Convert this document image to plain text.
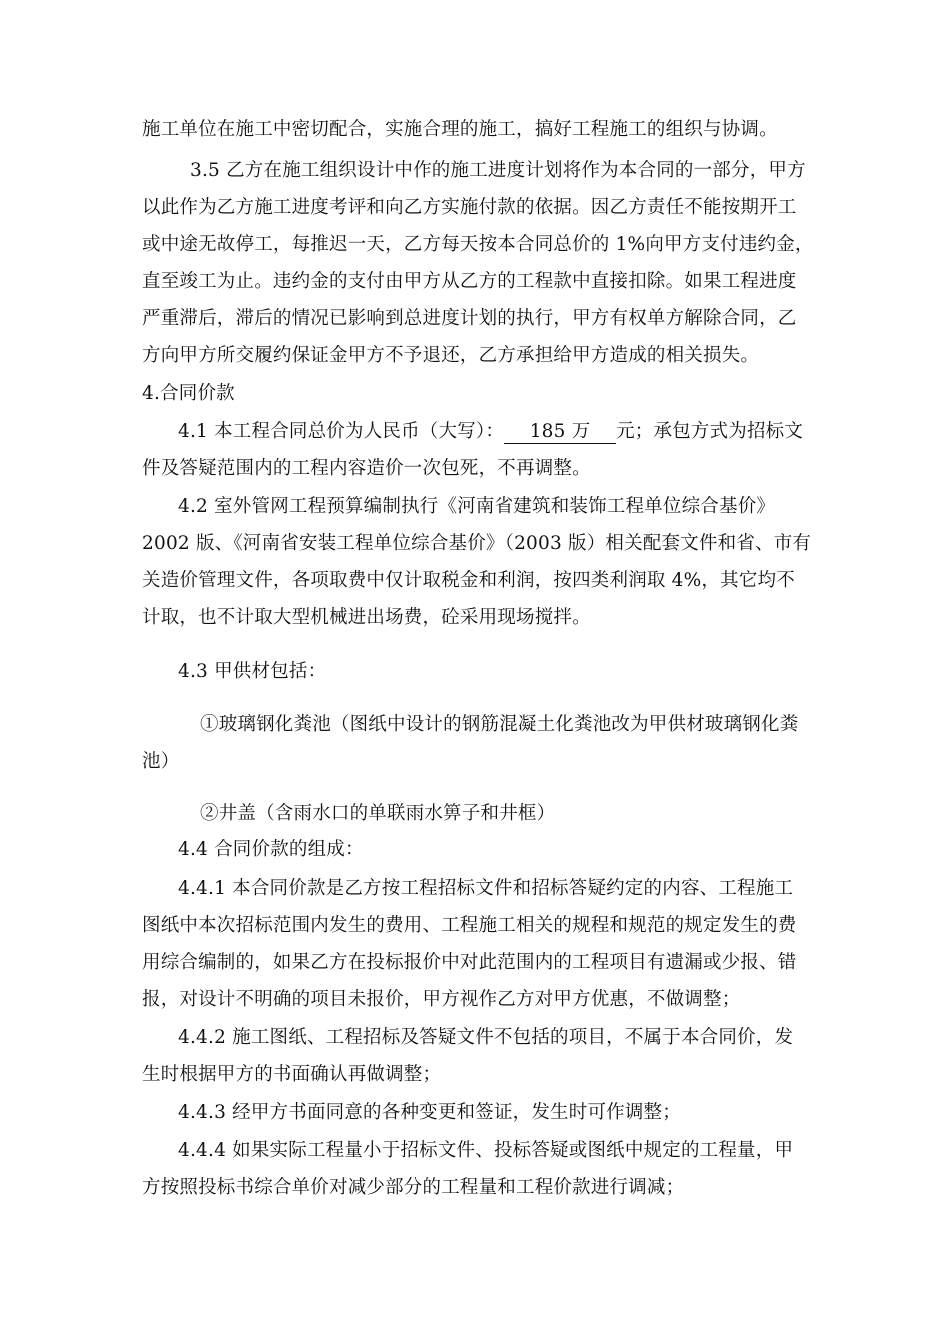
施工单位在施工中密切配合，实施合理的施工，搞好工程施工的组织与协调。
3.5 乙方在施工组织设计中作的施工进度计划将作为本合同的一部分，甲方
以此作为乙方施工进度考评和向乙方实施付款的依据。因乙方责任不能按期开工
或中途无故停工，每推迟一天，乙方每天按本合同总价的 1%向甲方支付违约金，
直至竣工为止。违约金的支付由甲方从乙方的工程款中直接扣除。如果工程进度
严重滞后，滞后的情况已影响到总进度计划的执行，甲方有权单方解除合同，乙
方向甲方所交履约保证金甲方不予退还，乙方承担给甲方造成的相关损失。
4.合同价款
4.1 本工程合同总价为人民币（大写）： 185 万 元；承包方式为招标文
件及答疑范围内的工程内容造价一次包死，不再调整。
4.2 室外管网工程预算编制执行《河南省建筑和装饰工程单位综合基价》
2002 版、《河南省安装工程单位综合基价》（2003 版）相关配套文件和省、市有
关造价管理文件，各项取费中仅计取税金和利润，按四类利润取 4%，其它均不
计取，也不计取大型机械进出场费，砼采用现场搅拌。
4.3 甲供材包括：
①玻璃钢化粪池（图纸中设计的钢筋混凝土化粪池改为甲供材玻璃钢化粪
池）
②井盖（含雨水口的单联雨水箅子和井框）
4.4 合同价款的组成：
4.4.1 本合同价款是乙方按工程招标文件和招标答疑约定的内容、工程施工
图纸中本次招标范围内发生的费用、工程施工相关的规程和规范的规定发生的费
用综合编制的，如果乙方在投标报价中对此范围内的工程项目有遗漏或少报、错
报，对设计不明确的项目未报价，甲方视作乙方对甲方优惠，不做调整；
4.4.2 施工图纸、工程招标及答疑文件不包括的项目，不属于本合同价，发
生时根据甲方的书面确认再做调整；
4.4.3 经甲方书面同意的各种变更和签证，发生时可作调整；
4.4.4 如果实际工程量小于招标文件、投标答疑或图纸中规定的工程量，甲
方按照投标书综合单价对减少部分的工程量和工程价款进行调减；
